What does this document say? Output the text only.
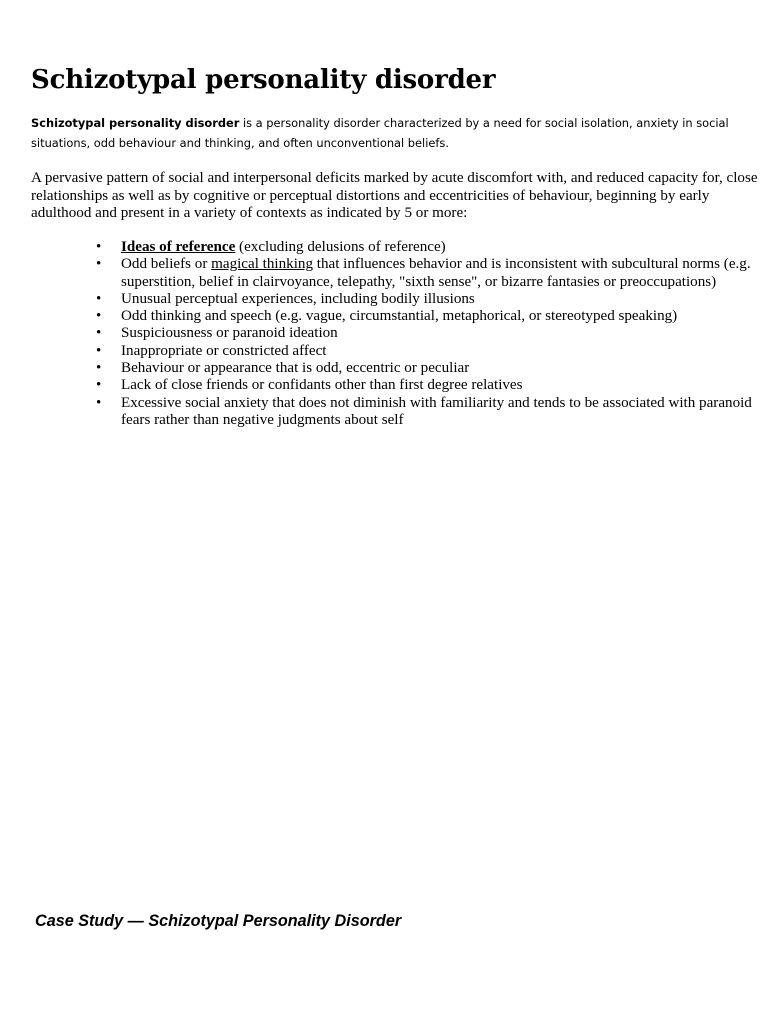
Schizotypal personality disorder

Schizotypal personality disorder is a personality disorder characterized by a need for social isolation, anxiety in social situations, odd behaviour and thinking, and often unconventional beliefs.

A pervasive pattern of social and interpersonal deficits marked by acute discomfort with, and reduced capacity for, close relationships as well as by cognitive or perceptual distortions and eccentricities of behaviour, beginning by early adulthood and present in a variety of contexts as indicated by 5 or more:

• Ideas of reference (excluding delusions of reference)
• Odd beliefs or magical thinking that influences behavior and is inconsistent with subcultural norms (e.g. superstition, belief in clairvoyance, telepathy, "sixth sense", or bizarre fantasies or preoccupations)
• Unusual perceptual experiences, including bodily illusions
• Odd thinking and speech (e.g. vague, circumstantial, metaphorical, or stereotyped speaking)
• Suspiciousness or paranoid ideation
• Inappropriate or constricted affect
• Behaviour or appearance that is odd, eccentric or peculiar
• Lack of close friends or confidants other than first degree relatives
• Excessive social anxiety that does not diminish with familiarity and tends to be associated with paranoid fears rather than negative judgments about self

Case Study — Schizotypal Personality Disorder
